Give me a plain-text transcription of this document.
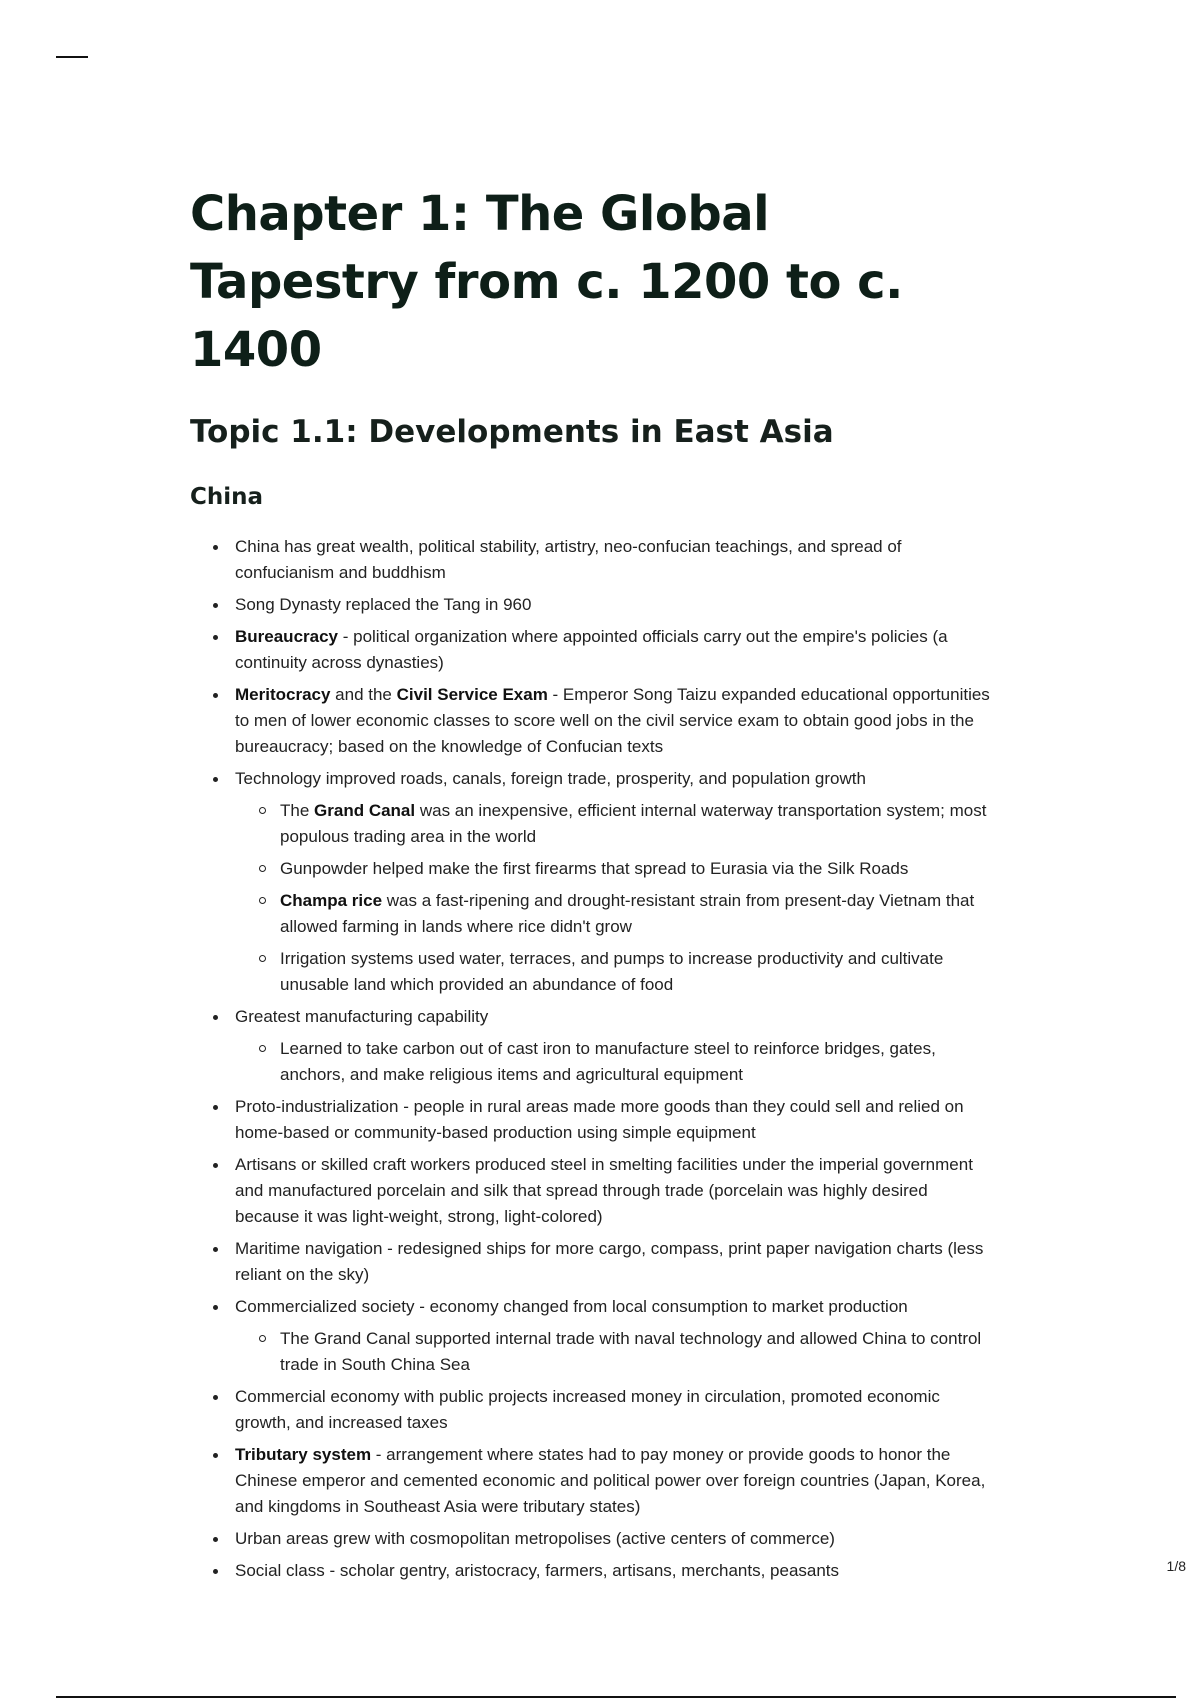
Chapter 1: The Global Tapestry from c. 1200 to c. 1400
Topic 1.1: Developments in East Asia
China
China has great wealth, political stability, artistry, neo-confucian teachings, and spread of confucianism and buddhism
Song Dynasty replaced the Tang in 960
Bureaucracy - political organization where appointed officials carry out the empire's policies (a continuity across dynasties)
Meritocracy and the Civil Service Exam - Emperor Song Taizu expanded educational opportunities to men of lower economic classes to score well on the civil service exam to obtain good jobs in the bureaucracy; based on the knowledge of Confucian texts
Technology improved roads, canals, foreign trade, prosperity, and population growth
The Grand Canal was an inexpensive, efficient internal waterway transportation system; most populous trading area in the world
Gunpowder helped make the first firearms that spread to Eurasia via the Silk Roads
Champa rice was a fast-ripening and drought-resistant strain from present-day Vietnam that allowed farming in lands where rice didn't grow
Irrigation systems used water, terraces, and pumps to increase productivity and cultivate unusable land which provided an abundance of food
Greatest manufacturing capability
Learned to take carbon out of cast iron to manufacture steel to reinforce bridges, gates, anchors, and make religious items and agricultural equipment
Proto-industrialization - people in rural areas made more goods than they could sell and relied on home-based or community-based production using simple equipment
Artisans or skilled craft workers produced steel in smelting facilities under the imperial government and manufactured porcelain and silk that spread through trade (porcelain was highly desired because it was light-weight, strong, light-colored)
Maritime navigation - redesigned ships for more cargo, compass, print paper navigation charts (less reliant on the sky)
Commercialized society - economy changed from local consumption to market production
The Grand Canal supported internal trade with naval technology and allowed China to control trade in South China Sea
Commercial economy with public projects increased money in circulation, promoted economic growth, and increased taxes
Tributary system - arrangement where states had to pay money or provide goods to honor the Chinese emperor and cemented economic and political power over foreign countries (Japan, Korea, and kingdoms in Southeast Asia were tributary states)
Urban areas grew with cosmopolitan metropolises (active centers of commerce)
Social class - scholar gentry, aristocracy, farmers, artisans, merchants, peasants	1/8
